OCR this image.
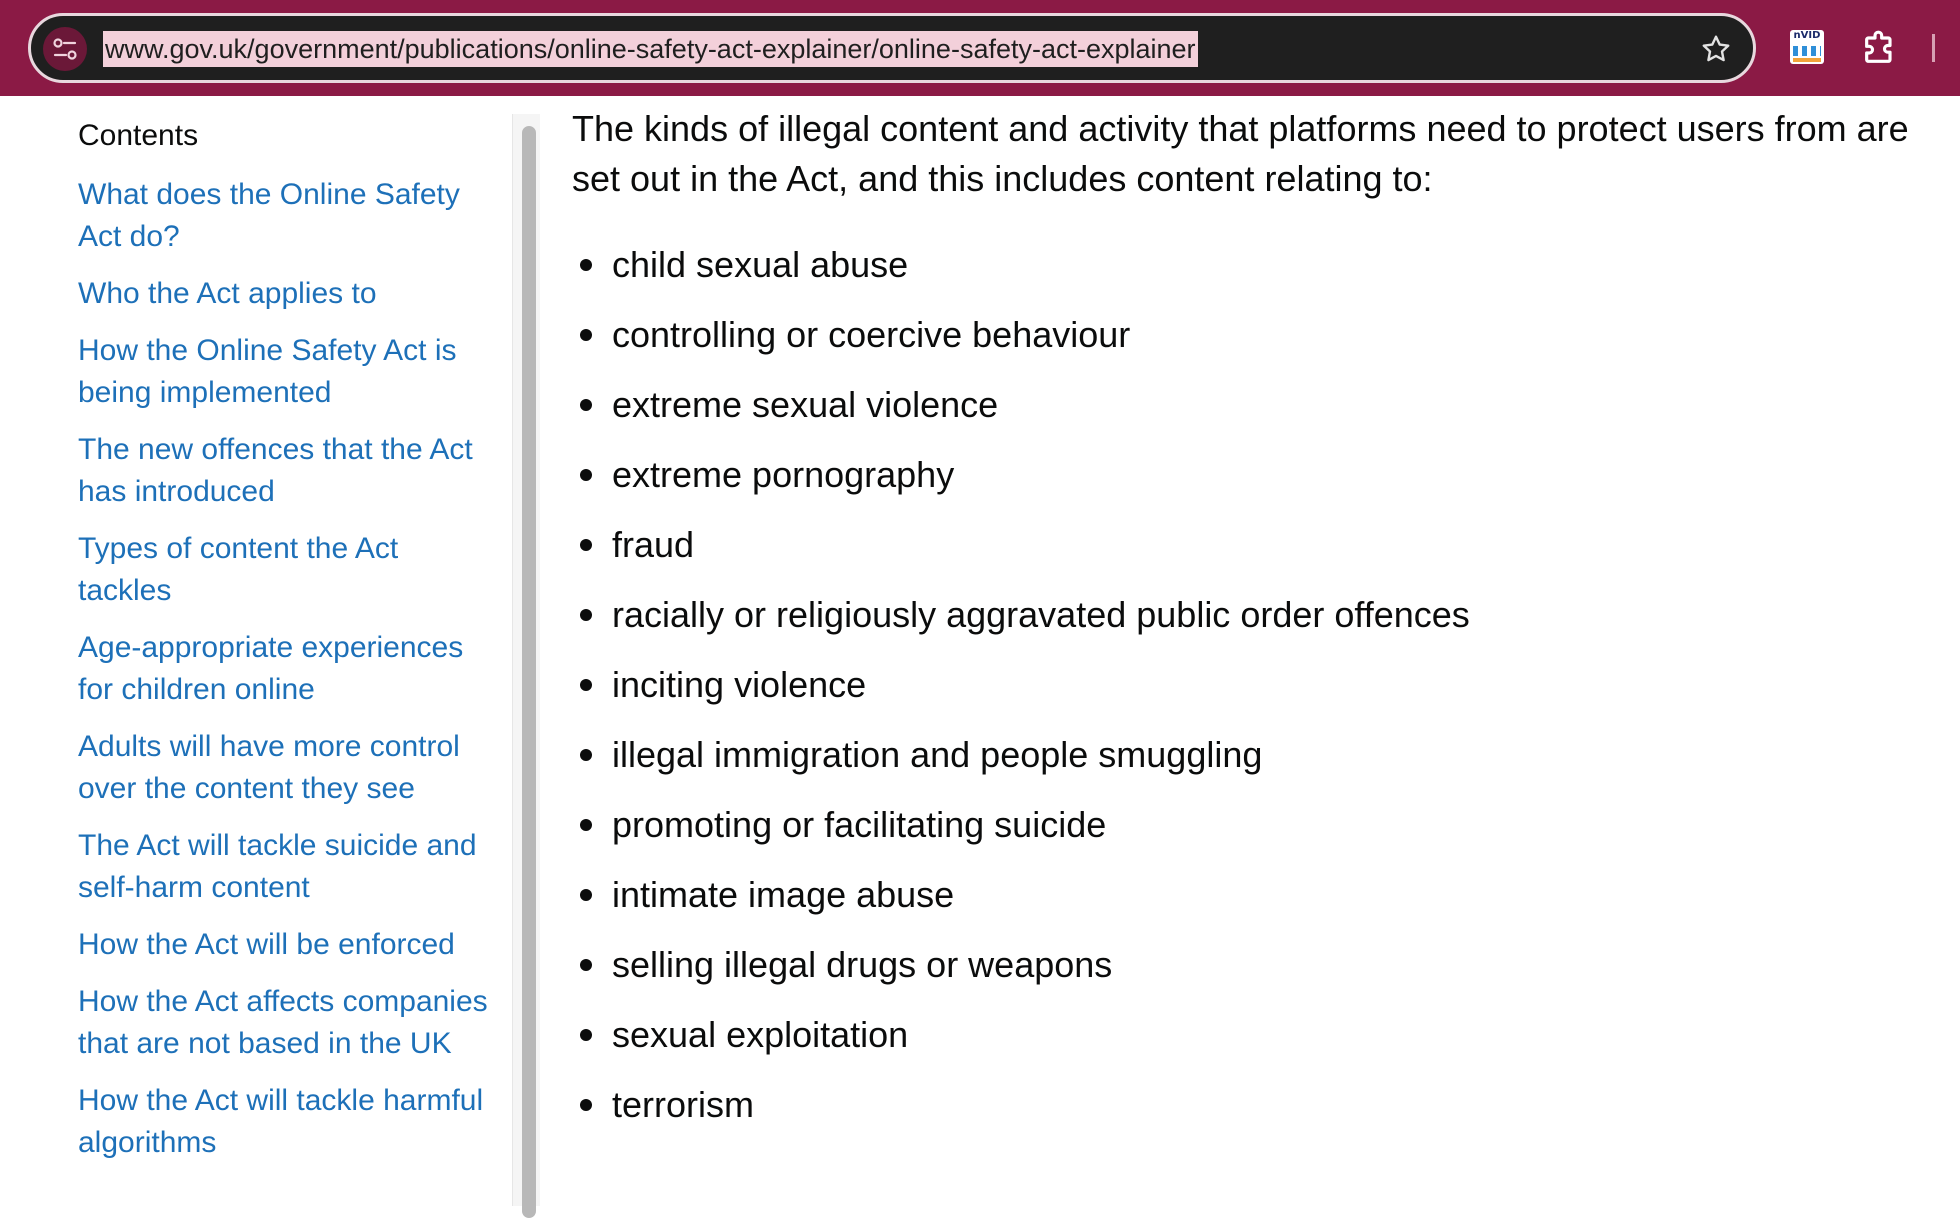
www.gov.uk/government/publications/online-safety-act-explainer/online-safety-act-explainer	nVID
Contents
What does the Online Safety Act do?
Who the Act applies to
How the Online Safety Act is being implemented
The new offences that the Act has introduced
Types of content the Act tackles
Age-appropriate experiences for children online
Adults will have more control over the content they see
The Act will tackle suicide and self-harm content
How the Act will be enforced
How the Act affects companies that are not based in the UK
How the Act will tackle harmful algorithms

The kinds of illegal content and activity that platforms need to protect users from are set out in the Act, and this includes content relating to:

child sexual abuse
controlling or coercive behaviour
extreme sexual violence
extreme pornography
fraud
racially or religiously aggravated public order offences
inciting violence
illegal immigration and people smuggling
promoting or facilitating suicide
intimate image abuse
selling illegal drugs or weapons
sexual exploitation
terrorism
